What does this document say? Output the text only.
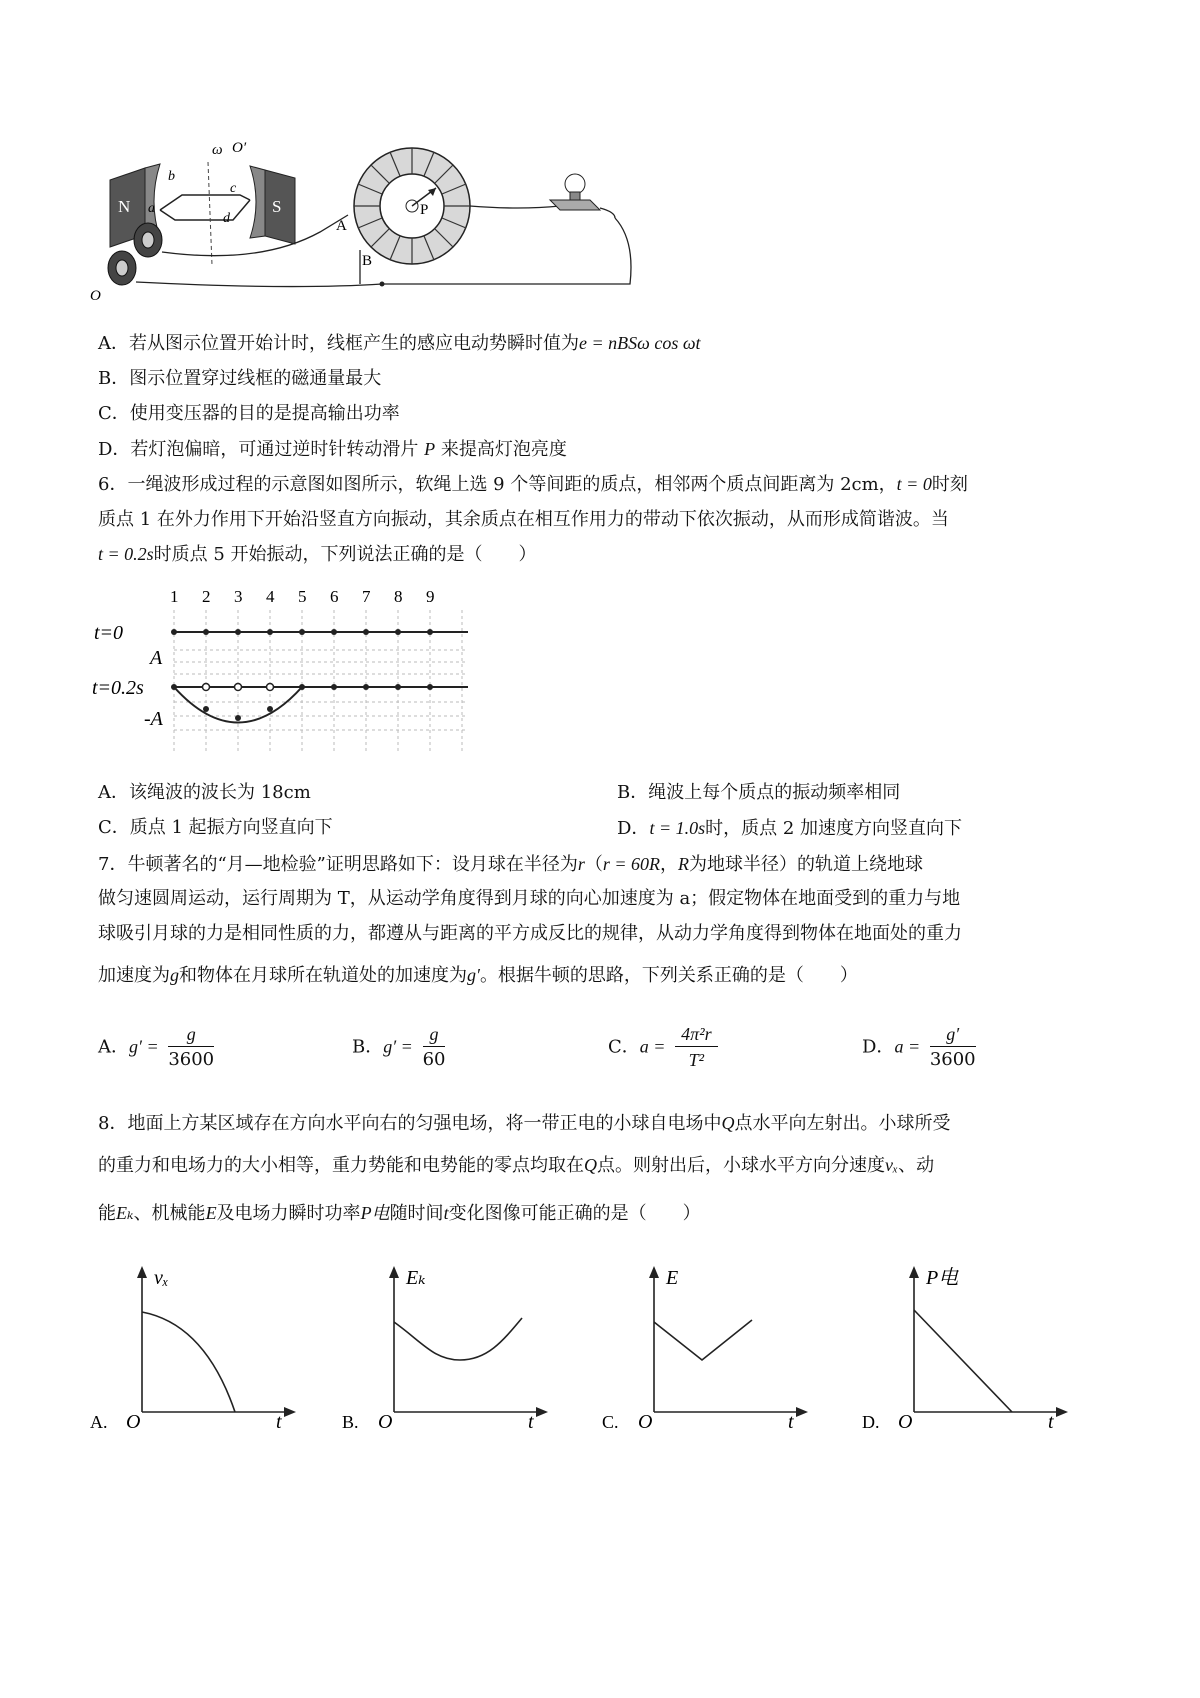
N	S
ω O′
b
a
c
d
O
A
B
P
A．若从图示位置开始计时，线框产生的感应电动势瞬时值为e = nBSω cos ωt
B．图示位置穿过线框的磁通量最大
C．使用变压器的目的是提高输出功率
D．若灯泡偏暗，可通过逆时针转动滑片 P 来提高灯泡亮度
6．一绳波形成过程的示意图如图所示，软绳上选 9 个等间距的质点，相邻两个质点间距离为 2cm，t = 0时刻
质点 1 在外力作用下开始沿竖直方向振动，其余质点在相互作用力的带动下依次振动，从而形成简谐波。当
t = 0.2s时质点 5 开始振动，下列说法正确的是（　　）
1 2 3 4 5 6 7 8 9
t=0
A
t=0.2s
-A
A．该绳波的波长为 18cm	B．绳波上每个质点的振动频率相同
C．质点 1 起振方向竖直向下	D．t = 1.0s时，质点 2 加速度方向竖直向下
7．牛顿著名的“月—地检验”证明思路如下：设月球在半径为r（r = 60R，R为地球半径）的轨道上绕地球
做匀速圆周运动，运行周期为 T，从运动学角度得到月球的向心加速度为 a；假定物体在地面受到的重力与地
球吸引月球的力是相同性质的力，都遵从与距离的平方成反比的规律，从动力学角度得到物体在地面处的重力
加速度为g和物体在月球所在轨道处的加速度为g′。根据牛顿的思路，下列关系正确的是（　　）
A．$g' = \frac{g}{3600}$	B．$g' = \frac{g}{60}$	C．$a = \frac{\text{4π²r}}{\text{T²}}$	D．$a = \frac{g'}{3600}$
8．地面上方某区域存在方向水平向右的匀强电场，将一带正电的小球自电场中Q点水平向左射出。小球所受
的重力和电场力的大小相等，重力势能和电势能的零点均取在Q点。则射出后，小球水平方向分速度vₓ、动
能Eₖ、机械能E及电场力瞬时功率P电随时间t变化图像可能正确的是（　　）
A.
vₓ
O	t	B.
Eₖ
O	t	C.
E
O	t	D.
P电
O	t
